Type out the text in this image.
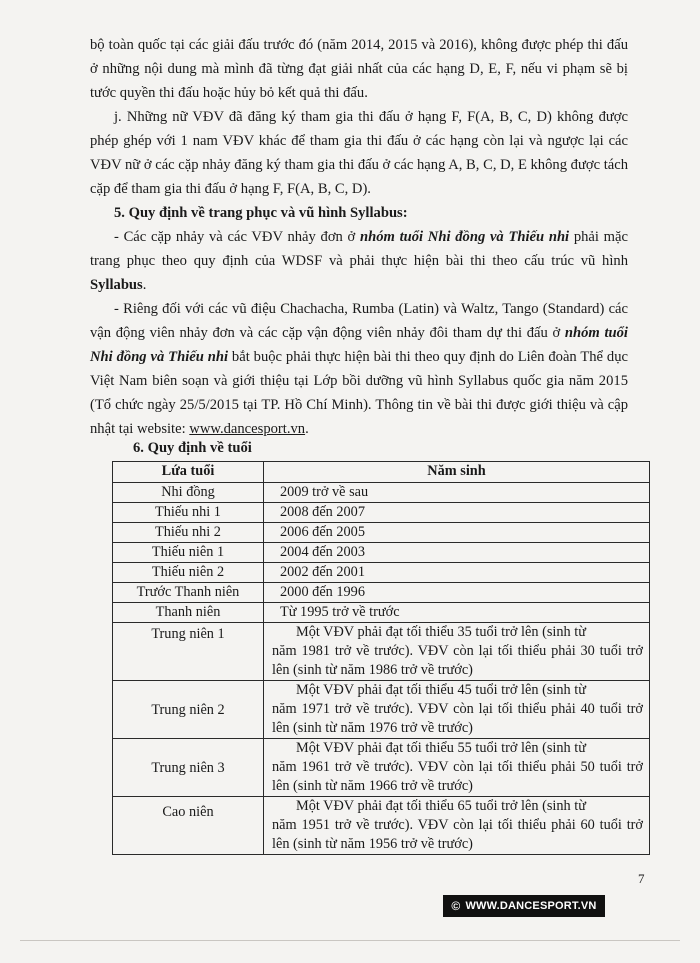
bộ toàn quốc tại các giải đấu trước đó (năm 2014, 2015 và 2016), không được phép thi đấu ở những nội dung mà mình đã từng đạt giải nhất của các hạng D, E, F, nếu vi phạm sẽ bị tước quyền thi đấu hoặc hủy bỏ kết quả thi đấu.

j. Những nữ VĐV đã đăng ký tham gia thi đấu ở hạng F, F(A, B, C, D) không được phép ghép với 1 nam VĐV khác để tham gia thi đấu ở các hạng còn lại và ngược lại các VĐV nữ ở các cặp nhảy đăng ký tham gia thi đấu ở các hạng A, B, C, D, E không được tách cặp để tham gia thi đấu ở hạng F, F(A, B, C, D).

5. Quy định về trang phục và vũ hình Syllabus:

- Các cặp nhảy và các VĐV nhảy đơn ở nhóm tuổi Nhi đồng và Thiếu nhi phải mặc trang phục theo quy định của WDSF và phải thực hiện bài thi theo cấu trúc vũ hình Syllabus.

- Riêng đối với các vũ điệu Chachacha, Rumba (Latin) và Waltz, Tango (Standard) các vận động viên nhảy đơn và các cặp vận động viên nhảy đôi tham dự thi đấu ở nhóm tuổi Nhi đồng và Thiếu nhi bắt buộc phải thực hiện bài thi theo quy định do Liên đoàn Thể dục Việt Nam biên soạn và giới thiệu tại Lớp bồi dưỡng vũ hình Syllabus quốc gia năm 2015 (Tổ chức ngày 25/5/2015 tại TP. Hồ Chí Minh). Thông tin về bài thi được giới thiệu và cập nhật tại website: www.dancesport.vn.

6. Quy định về tuổi
Lứa tuổi	Năm sinh
Nhi đồng	2009 trở về sau
Thiếu nhi 1	2008 đến 2007
Thiếu nhi 2	2006 đến 2005
Thiếu niên 1	2004 đến 2003
Thiếu niên 2	2002 đến 2001
Trước Thanh niên	2000 đến 1996
Thanh niên	Từ 1995 trở về trước
Trung niên 1	Một VĐV phải đạt tối thiểu 35 tuổi trở lên (sinh từ
năm 1981 trở về trước). VĐV còn lại tối thiểu phải 30 tuổi trở lên (sinh từ năm 1986 trở về trước)
Trung niên 2	Một VĐV phải đạt tối thiểu 45 tuổi trở lên (sinh từ
năm 1971 trở về trước). VĐV còn lại tối thiểu phải 40 tuổi trở lên (sinh từ năm 1976 trở về trước)
Trung niên 3	Một VĐV phải đạt tối thiểu 55 tuổi trở lên (sinh từ
năm 1961 trở về trước). VĐV còn lại tối thiểu phải 50 tuổi trở lên (sinh từ năm 1966 trở về trước)
Cao niên	Một VĐV phải đạt tối thiểu 65 tuổi trở lên (sinh từ
năm 1951 trở về trước). VĐV còn lại tối thiểu phải 60 tuổi trở lên (sinh từ năm 1956 trở về trước)
7
© WWW.DANCESPORT.VN
